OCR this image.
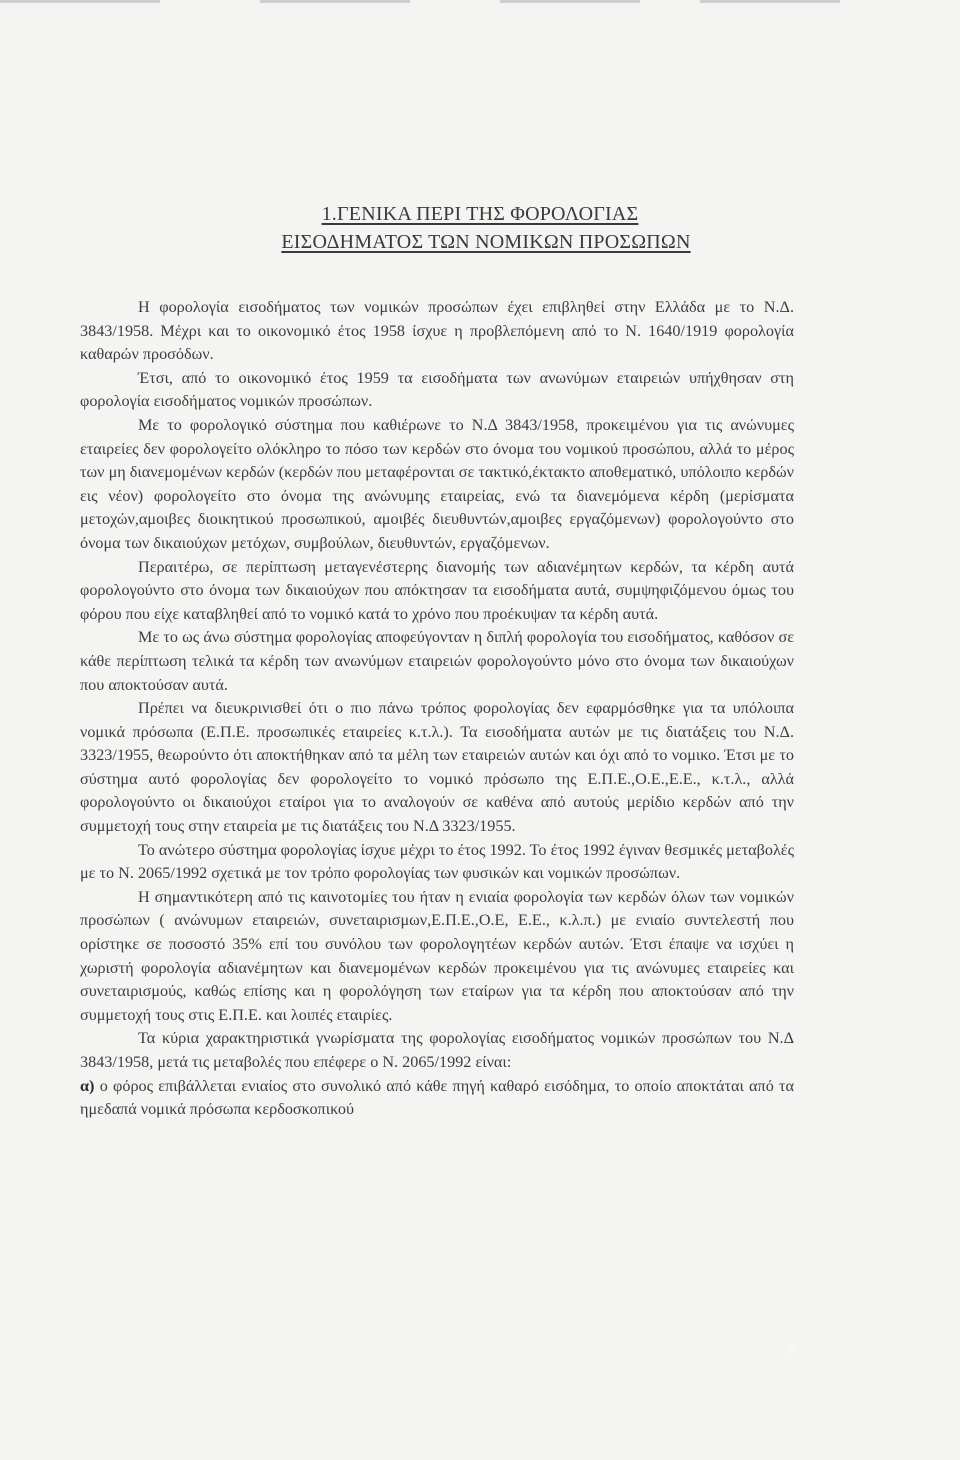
1.ΓΕΝΙΚΑ ΠΕΡΙ ΤΗΣ ΦΟΡΟΛΟΓΙΑΣ
ΕΙΣΟΔΗΜΑΤΟΣ ΤΩΝ ΝΟΜΙΚΩΝ ΠΡΟΣΩΠΩΝ

Η φορολογία εισοδήματος των νομικών προσώπων έχει επιβληθεί στην Ελλάδα με το Ν.Δ. 3843/1958. Μέχρι και το οικονομικό έτος 1958 ίσχυε η προβλεπόμενη από το Ν. 1640/1919 φορολογία καθαρών προσόδων.

Έτσι, από το οικονομικό έτος 1959 τα εισοδήματα των ανωνύμων εταιρειών υπήχθησαν στη φορολογία εισοδήματος νομικών προσώπων.

Με το φορολογικό σύστημα που καθιέρωνε το Ν.Δ 3843/1958, προκειμένου για τις ανώνυμες εταιρείες δεν φορολογείτο ολόκληρο το πόσο των κερδών στο όνομα του νομικού προσώπου, αλλά το μέρος των μη διανεμομένων κερδών (κερδών που μεταφέρονται σε τακτικό,έκτακτο αποθεματικό, υπόλοιπο κερδών εις νέον) φορολογείτο στο όνομα της ανώνυμης εταιρείας, ενώ τα διανεμόμενα κέρδη (μερίσματα μετοχών,αμοιβες διοικητικού προσωπικού, αμοιβές διευθυντών,αμοιβες εργαζόμενων) φορολογούντο στο όνομα των δικαιούχων μετόχων, συμβούλων, διευθυντών, εργαζόμενων.

Περαιτέρω, σε περίπτωση μεταγενέστερης διανομής των αδιανέμητων κερδών, τα κέρδη αυτά φορολογούντο στο όνομα των δικαιούχων που απόκτησαν τα εισοδήματα αυτά, συμψηφιζόμενου όμως του φόρου που είχε καταβληθεί από το νομικό κατά το χρόνο που προέκυψαν τα κέρδη αυτά.

Με το ως άνω σύστημα φορολογίας αποφεύγονταν η διπλή φορολογία του εισοδήματος, καθόσον σε κάθε περίπτωση τελικά τα κέρδη των ανωνύμων εταιρειών φορολογούντο μόνο στο όνομα των δικαιούχων που αποκτούσαν αυτά.

Πρέπει να διευκρινισθεί ότι ο πιο πάνω τρόπος φορολογίας δεν εφαρμόσθηκε για τα υπόλοιπα νομικά πρόσωπα (Ε.Π.Ε. προσωπικές εταιρείες κ.τ.λ.). Τα εισοδήματα αυτών με τις διατάξεις του Ν.Δ. 3323/1955, θεωρούντο ότι αποκτήθηκαν από τα μέλη των εταιρειών αυτών και όχι από το νομικο. Έτσι με το σύστημα αυτό φορολογίας δεν φορολογείτο το νομικό πρόσωπο της Ε.Π.Ε.,Ο.Ε.,Ε.Ε., κ.τ.λ., αλλά φορολογούντο οι δικαιούχοι εταίροι για το αναλογούν σε καθένα από αυτούς μερίδιο κερδών από την συμμετοχή τους στην εταιρεία με τις διατάξεις του Ν.Δ 3323/1955.

Το ανώτερο σύστημα φορολογίας ίσχυε μέχρι το έτος 1992. Το έτος 1992 έγιναν θεσμικές μεταβολές με το Ν. 2065/1992 σχετικά με τον τρόπο φορολογίας των φυσικών και νομικών προσώπων.

Η σημαντικότερη από τις καινοτομίες του ήταν η ενιαία φορολογία των κερδών όλων των νομικών προσώπων ( ανώνυμων εταιρειών, συνεταιρισμων,Ε.Π.Ε.,Ο.Ε, Ε.Ε., κ.λ.π.) με ενιαίο συντελεστή που ορίστηκε σε ποσοστό 35% επί του συνόλου των φορολογητέων κερδών αυτών. Έτσι έπαψε να ισχύει η χωριστή φορολογία αδιανέμητων και διανεμομένων κερδών προκειμένου για τις ανώνυμες εταιρείες και συνεταιρισμούς, καθώς επίσης και η φορολόγηση των εταίρων για τα κέρδη που αποκτούσαν από την συμμετοχή τους στις Ε.Π.Ε. και λοιπές εταιρίες.

Τα κύρια χαρακτηριστικά γνωρίσματα της φορολογίας εισοδήματος νομικών προσώπων του Ν.Δ 3843/1958, μετά τις μεταβολές που επέφερε ο Ν. 2065/1992 είναι:

α) ο φόρος επιβάλλεται ενιαίος στο συνολικό από κάθε πηγή καθαρό εισόδημα, το οποίο αποκτάται από τα ημεδαπά νομικά πρόσωπα κερδοσκοπικού

5
